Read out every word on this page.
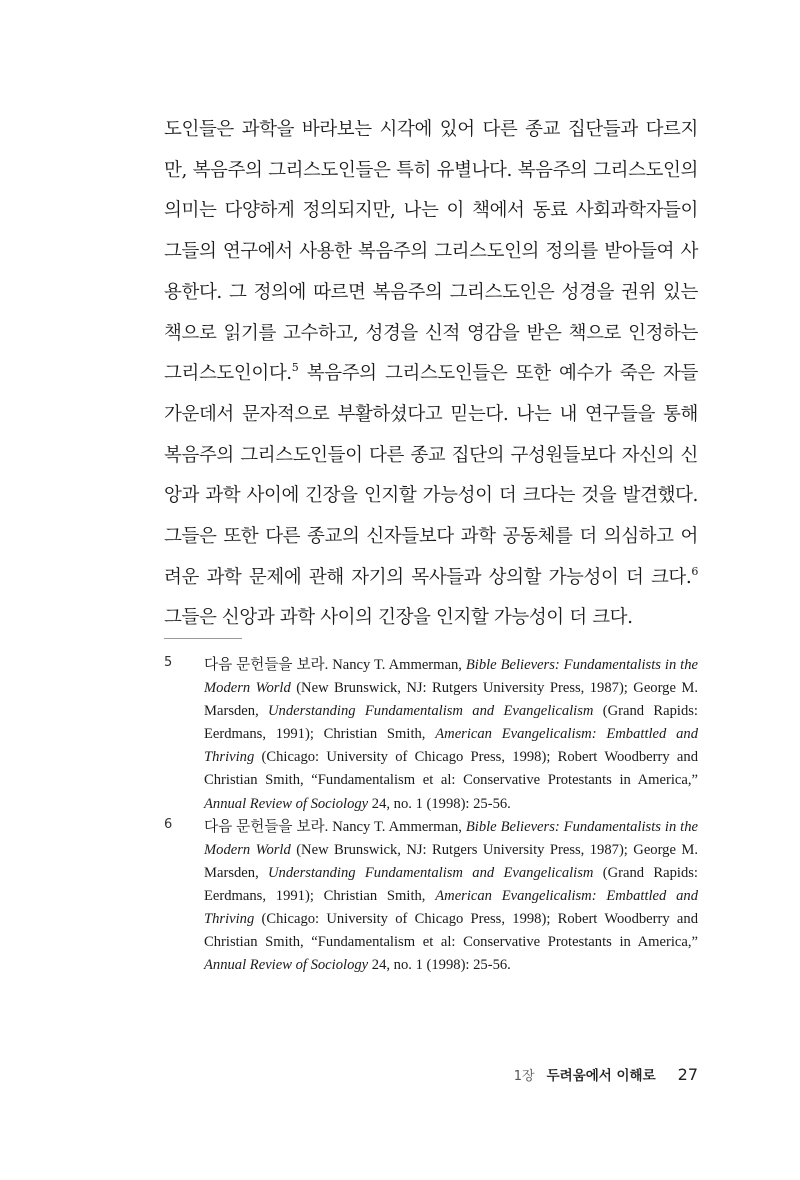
도인들은 과학을 바라보는 시각에 있어 다른 종교 집단들과 다르지만, 복음주의 그리스도인들은 특히 유별나다. 복음주의 그리스도인의 의미는 다양하게 정의되지만, 나는 이 책에서 동료 사회과학자들이 그들의 연구에서 사용한 복음주의 그리스도인의 정의를 받아들여 사용한다. 그 정의에 따르면 복음주의 그리스도인은 성경을 권위 있는 책으로 읽기를 고수하고, 성경을 신적 영감을 받은 책으로 인정하는 그리스도인이다.$^5$ 복음주의 그리스도인들은 또한 예수가 죽은 자들 가운데서 문자적으로 부활하셨다고 믿는다. 나는 내 연구들을 통해 복음주의 그리스도인들이 다른 종교 집단의 구성원들보다 자신의 신앙과 과학 사이에 긴장을 인지할 가능성이 더 크다는 것을 발견했다. 그들은 또한 다른 종교의 신자들보다 과학 공동체를 더 의심하고 어려운 과학 문제에 관해 자기의 목사들과 상의할 가능성이 더 크다.$^6$ 그들은 신앙과 과학 사이의 긴장을 인지할 가능성이 더 크다.

5 다음 문헌들을 보라. Nancy T. Ammerman, Bible Believers: Fundamentalists in the Modern World (New Brunswick, NJ: Rutgers University Press, 1987); George M. Marsden, Understanding Fundamentalism and Evangelicalism (Grand Rapids: Eerdmans, 1991); Christian Smith, American Evangelicalism: Embattled and Thriving (Chicago: University of Chicago Press, 1998); Robert Woodberry and Christian Smith, “Fundamentalism et al: Conservative Protestants in America,” Annual Review of Sociology 24, no. 1 (1998): 25-56.

6 다음 문헌들을 보라. Nancy T. Ammerman, Bible Believers: Fundamentalists in the Modern World (New Brunswick, NJ: Rutgers University Press, 1987); George M. Marsden, Understanding Fundamentalism and Evangelicalism (Grand Rapids: Eerdmans, 1991); Christian Smith, American Evangelicalism: Embattled and Thriving (Chicago: University of Chicago Press, 1998); Robert Woodberry and Christian Smith, “Fundamentalism et al: Conservative Protestants in America,” Annual Review of Sociology 24, no. 1 (1998): 25-56.

1장 두려움에서 이해로 27
